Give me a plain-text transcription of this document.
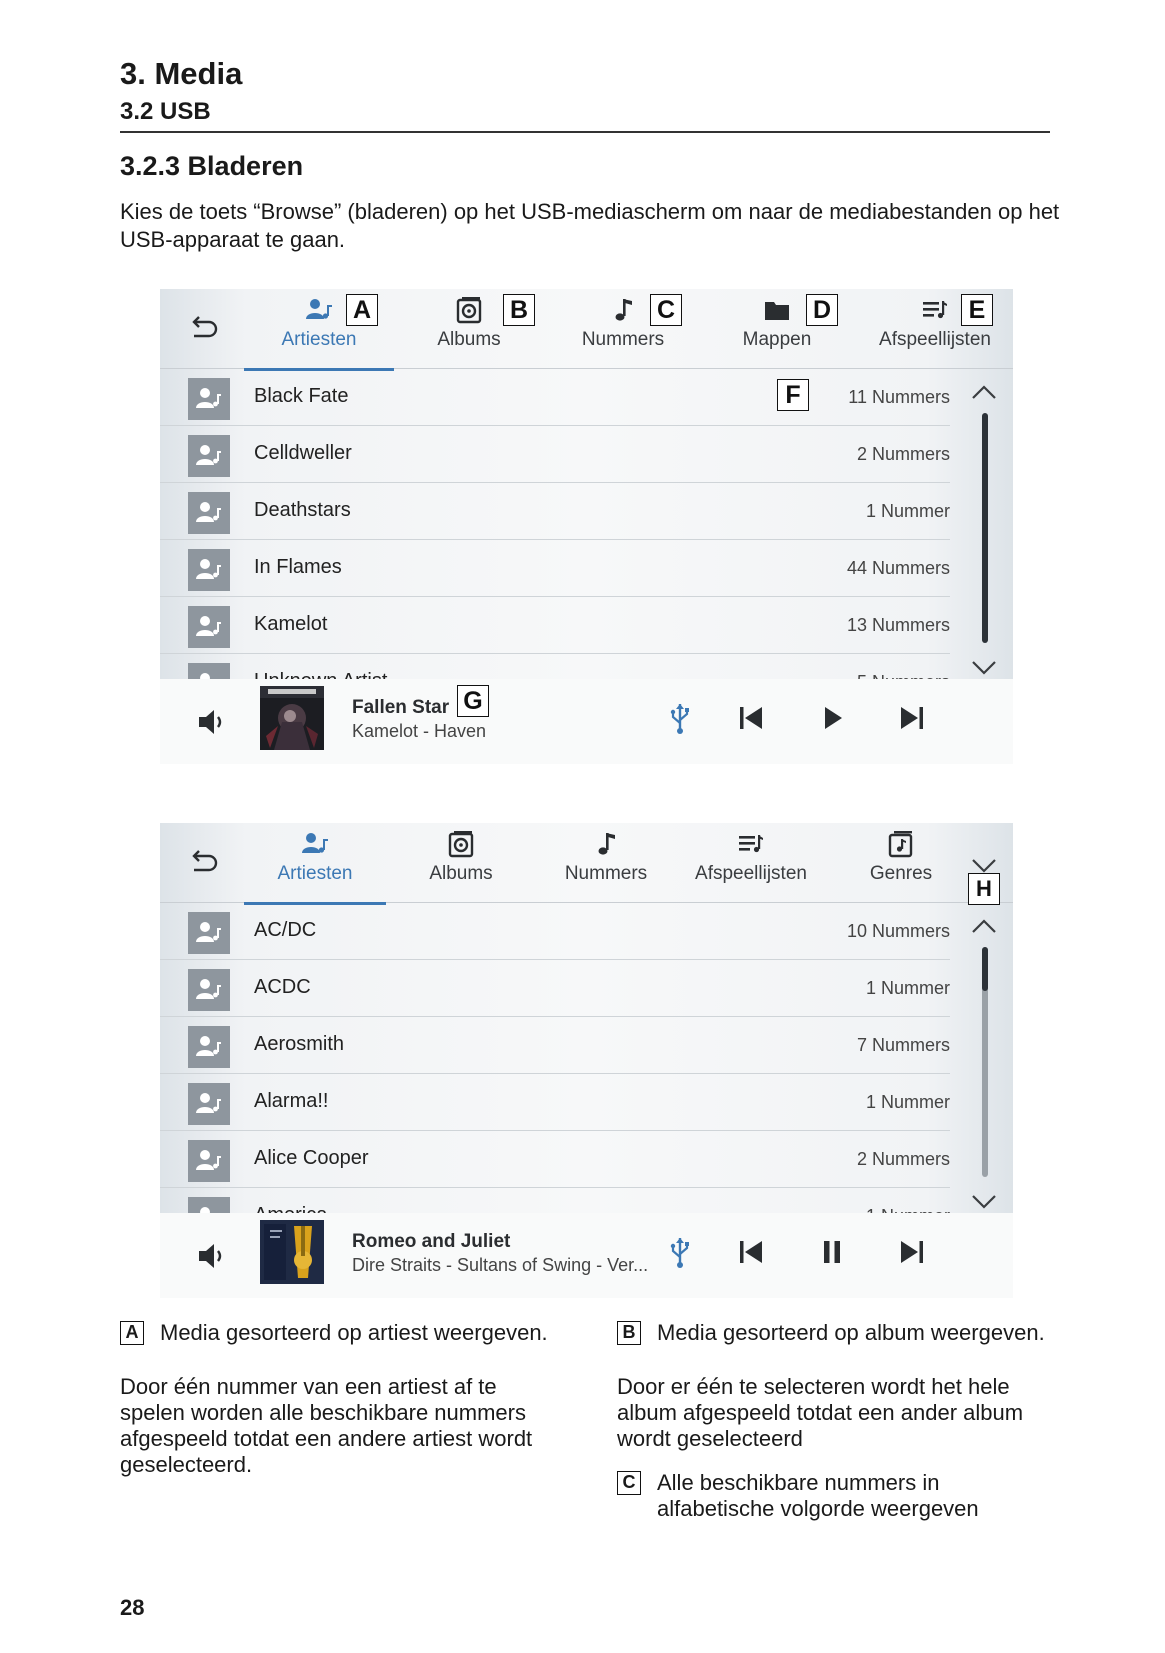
3. Media
3.2 USB
3.2.3 Bladeren
Kies de toets “Browse” (bladeren) op het USB-mediascherm om naar de mediabestanden op het USB-apparaat te gaan.
Artiesten
A
Albums
B
Nummers
C
Mappen
D
Afspeellijsten
E
Black Fate	11 Nummers
Celldweller	2 Nummers
Deathstars	1 Nummer
In Flames	44 Nummers
Kamelot	13 Nummers
F
Fallen Star G
Kamelot - Haven
Artiesten	Albums	Nummers	Afspeellijsten	Genres
H
AC/DC	10 Nummers
ACDC	1 Nummer
Aerosmith	7 Nummers
Alarma!!	1 Nummer
Alice Cooper	2 Nummers
Romeo and Juliet
Dire Straits - Sultans of Swing - Ver...
A Media gesorteerd op artiest weergeven.
Door één nummer van een artiest af te spelen worden alle beschikbare nummers afgespeeld totdat een andere artiest wordt geselecteerd.
B Media gesorteerd op album weergeven.
Door er één te selecteren wordt het hele album afgespeeld totdat een ander album wordt geselecteerd
C Alle beschikbare nummers in alfabetische volgorde weergeven
28
